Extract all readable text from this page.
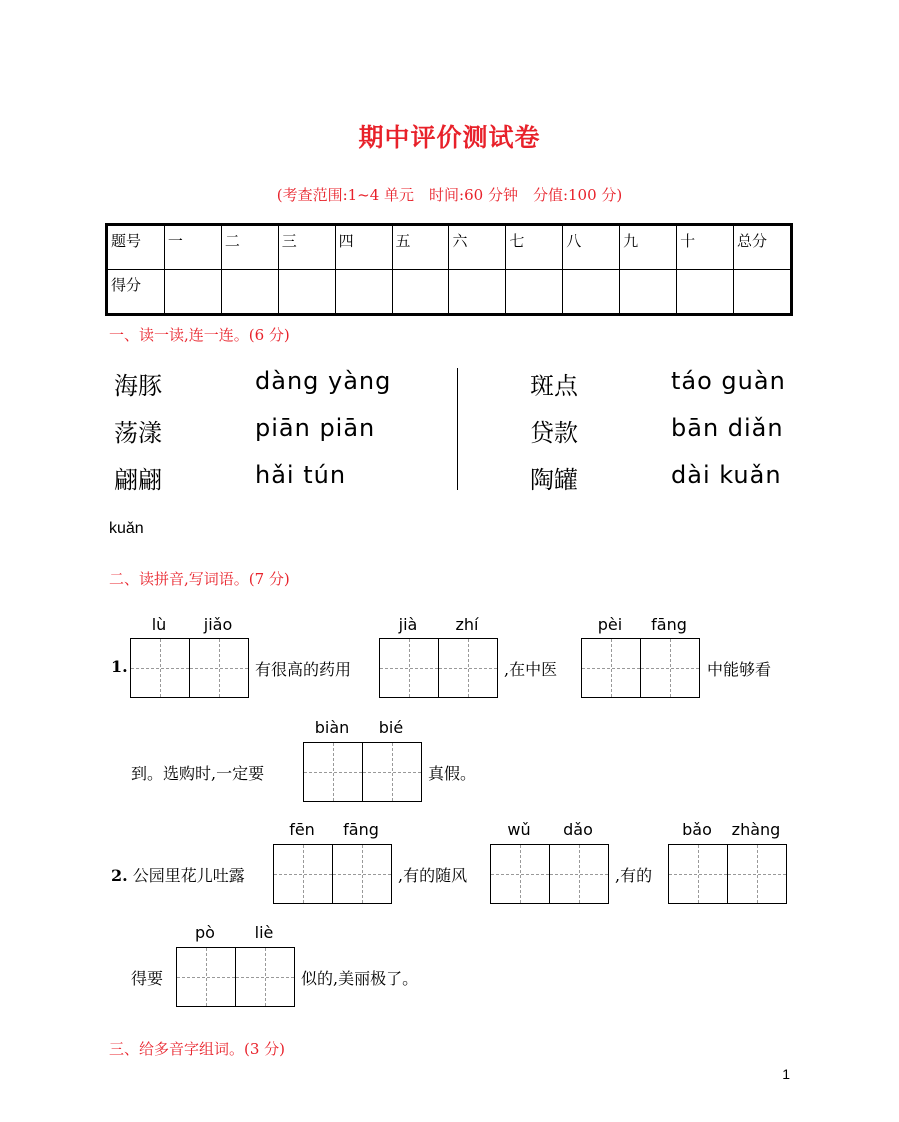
期中评价测试卷
(考查范围:1~4 单元　时间:60 分钟　分值:100 分)
题号	一	二	三	四	五	六	七	八	九	十	总分
得分											
一、读一读,连一连。(6 分)
海豚
荡漾
翩翩
dàng yàng
piān piān
hǎi tún
斑点
贷款
陶罐
táo guàn
bān diǎn
dài kuǎn
kuǎn
二、读拼音,写词语。(7 分)
lù	jiǎo	jià	zhí	pèi	fāng
1.	有很高的药用	,在中医	中能够看
biàn	bié
到。选购时,一定要	真假。
fēn	fāng	wǔ	dǎo	bǎo	zhàng
2. 公园里花儿吐露	,有的随风	,有的
pò	liè
得要	似的,美丽极了。
三、给多音字组词。(3 分)
1
